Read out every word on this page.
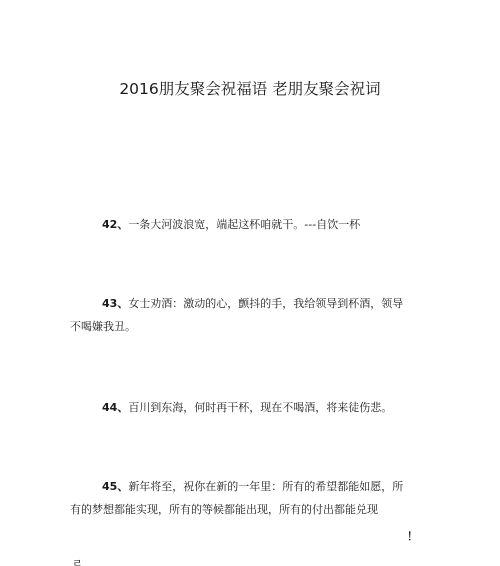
2016朋友聚会祝福语 老朋友聚会祝词
42、一条大河波浪宽，端起这杯咱就干。---自饮一杯
43、女士劝酒：激动的心，颤抖的手，我给领导到杯酒，领导
不喝嫌我丑。
44、百川到东海，何时再干杯，现在不喝酒，将来徒伤悲。
45、新年将至，祝你在新的一年里：所有的希望都能如愿，所
有的梦想都能实现，所有的等候都能出现，所有的付出都能兑现
！
ㄹ
